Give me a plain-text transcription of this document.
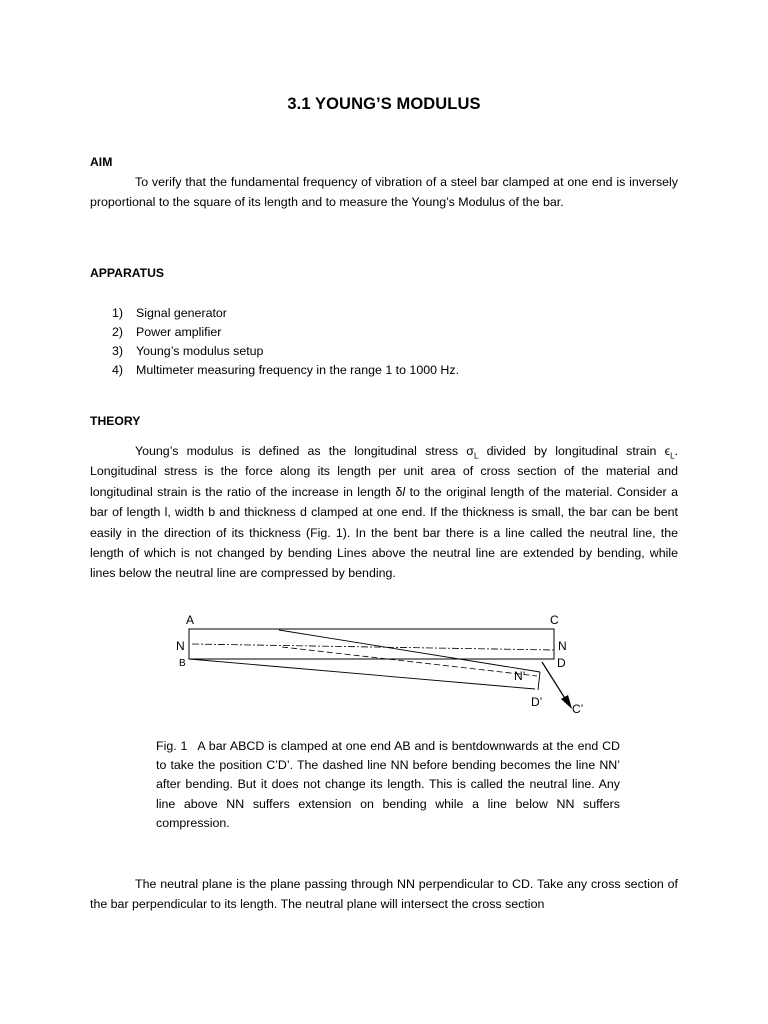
3.1 YOUNG’S MODULUS
AIM

To verify that the fundamental frequency of vibration of a steel bar clamped at one end is inversely proportional to the square of its length and to measure the Young’s Modulus of the bar.

APPARATUS
1) Signal generator
2) Power amplifier
3) Young’s modulus setup
4) Multimeter measuring frequency in the range 1 to 1000 Hz.
THEORY

Young’s modulus is defined as the longitudinal stress $\sigma_L$ divided by longitudinal strain $\epsilon_L$. Longitudinal stress is the force along its length per unit area of cross section of the material and longitudinal strain is the ratio of the increase in length δl to the original length of the material. Consider a bar of length l, width b and thickness d clamped at one end. If the thickness is small, the bar can be bent easily in the direction of its thickness (Fig. 1). In the bent bar there is a line called the neutral line, the length of which is not changed by bending Lines above the neutral line are extended by bending, while lines below the neutral line are compressed by bending.

A	C
N
B
N
D
N’
D’ C’

Fig. 1 A bar ABCD is clamped at one end AB and is bentdownwards at the end CD to take the position C’D’. The dashed line NN before bending becomes the line NN’ after bending. But it does not change its length. This is called the neutral line. Any line above NN suffers extension on bending while a line below NN suffers compression.

The neutral plane is the plane passing through NN perpendicular to CD. Take any cross section of the bar perpendicular to its length. The neutral plane will intersect the cross section
